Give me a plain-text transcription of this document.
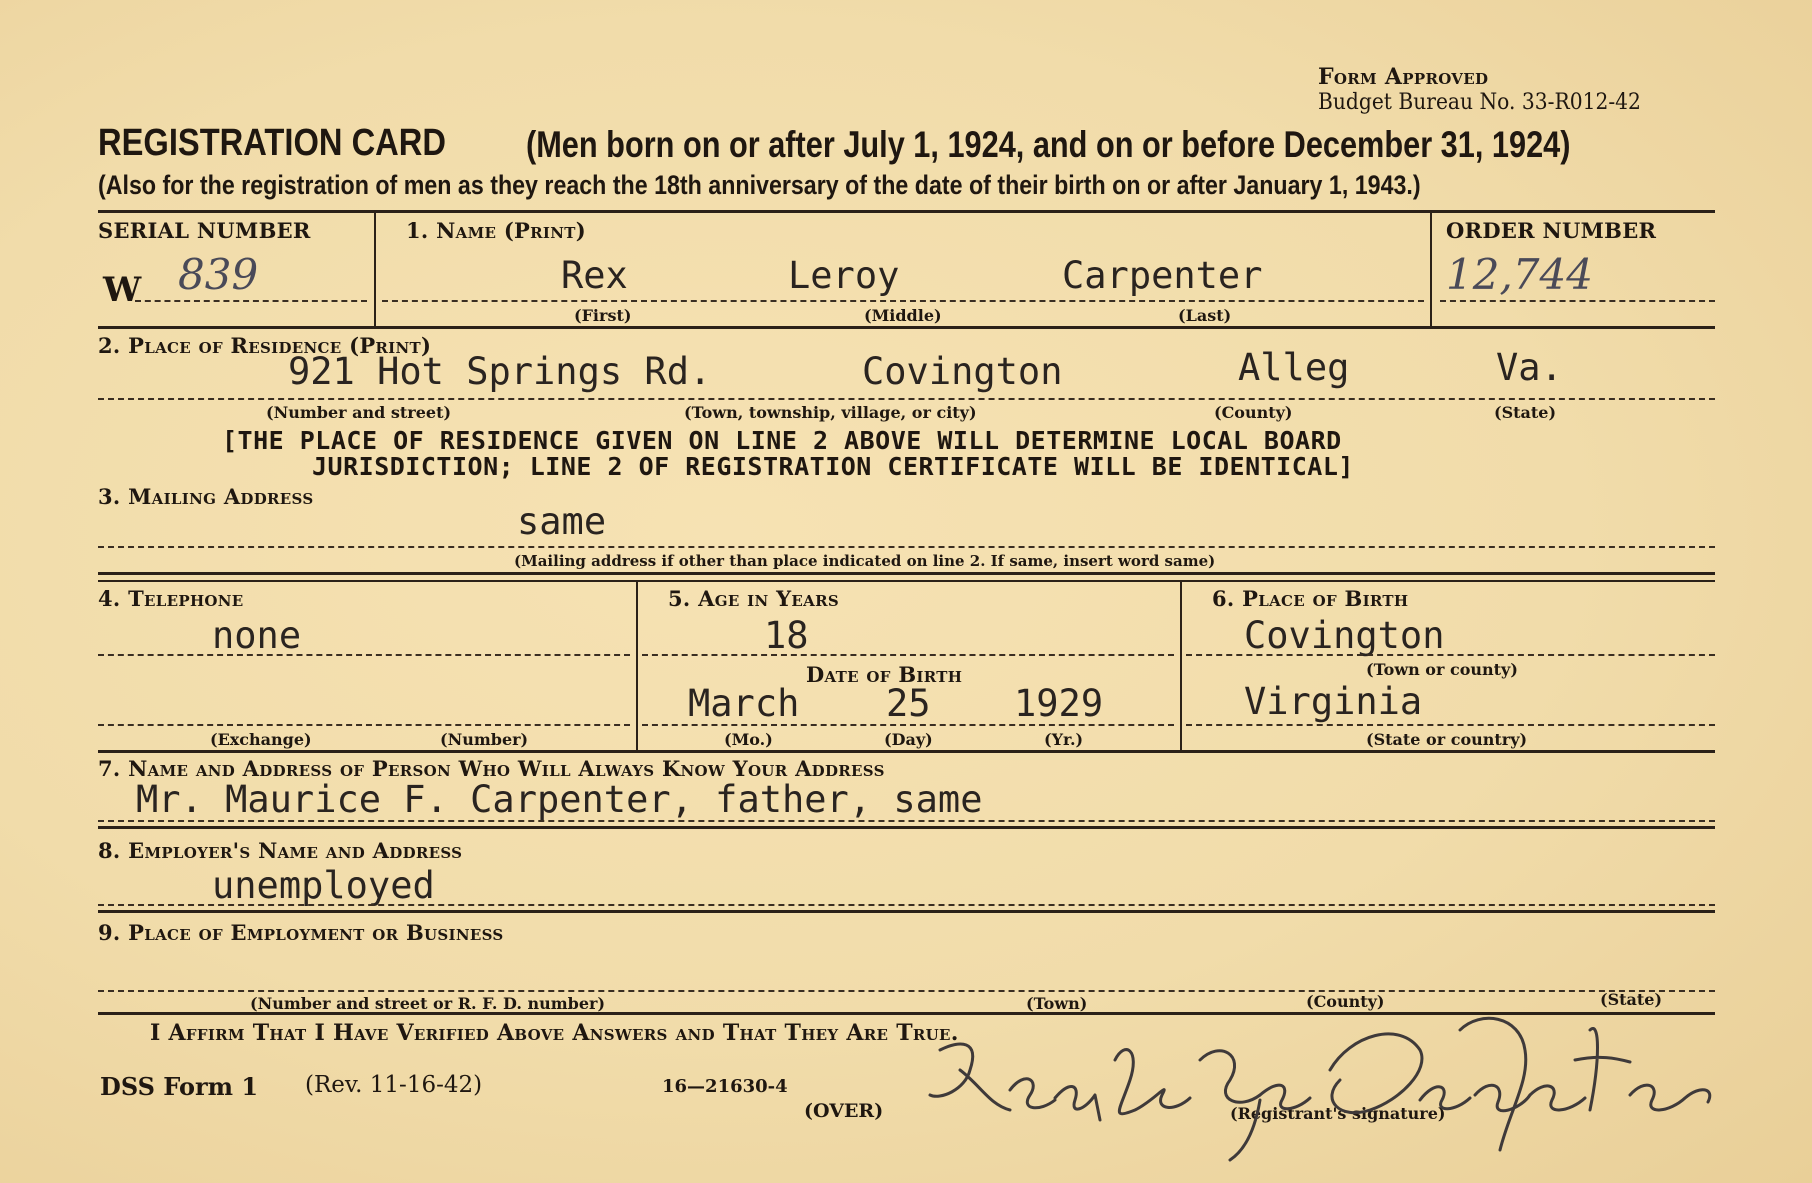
Form Approved
Budget Bureau No. 33-R012-42
REGISTRATION CARD (Men born on or after July 1, 1924, and on or before December 31, 1924)
(Also for the registration of men as they reach the 18th anniversary of the date of their birth on or after January 1, 1943.)
SERIAL NUMBER
W 839
1. Name (Print)
Rex	Leroy	Carpenter
(First)	(Middle)	(Last)
ORDER NUMBER
12,744
2. Place of Residence (Print)
921 Hot Springs Rd.	Covington	Alleg	Va.
(Number and street)	(Town, township, village, or city)	(County)	(State)
[THE PLACE OF RESIDENCE GIVEN ON LINE 2 ABOVE WILL DETERMINE LOCAL BOARD
JURISDICTION; LINE 2 OF REGISTRATION CERTIFICATE WILL BE IDENTICAL]
3. Mailing Address
same
(Mailing address if other than place indicated on line 2. If same, insert word same)
4. Telephone
none
(Exchange)	(Number)
5. Age in Years
18
Date of Birth
March 25 1929
(Mo.)	(Day)	(Yr.)
6. Place of Birth
Covington
(Town or county)
Virginia
(State or country)
7. Name and Address of Person Who Will Always Know Your Address
Mr. Maurice F. Carpenter, father, same
8. Employer's Name and Address
unemployed
9. Place of Employment or Business
(Number and street or R. F. D. number)	(Town)	(County)	(State)
I Affirm That I Have Verified Above Answers and That They Are True.
DSS Form 1 (Rev. 11-16-42)	16—21630-4
(OVER)	(Registrant's signature)
